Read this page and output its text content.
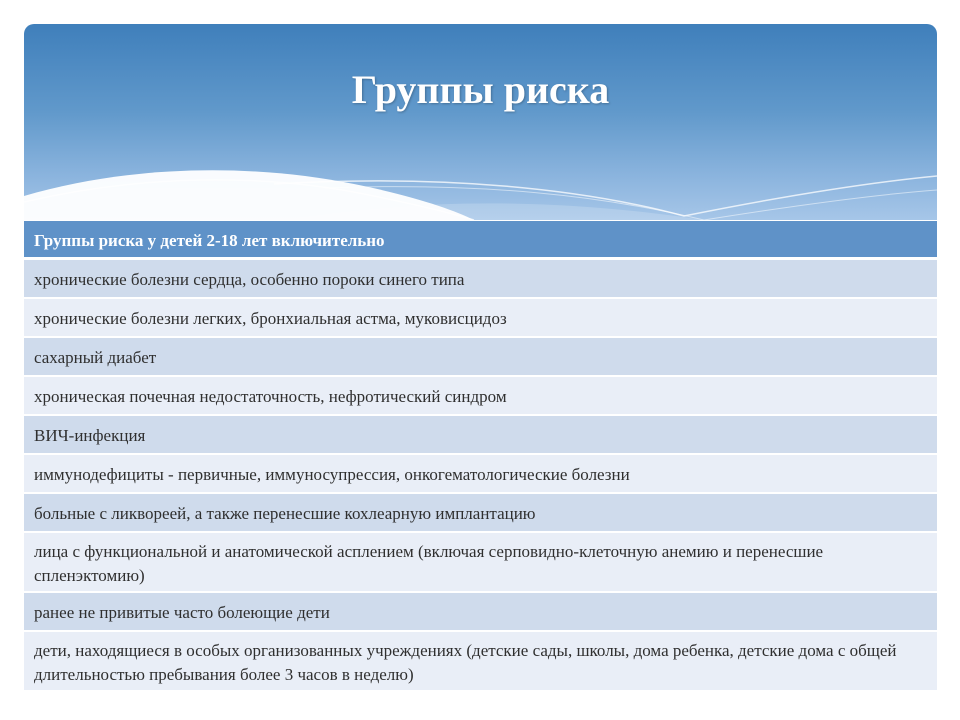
Группы риска
Группы риска у детей 2-18 лет включительно
хронические болезни сердца, особенно пороки синего типа
хронические болезни легких, бронхиальная астма, муковисцидоз
сахарный диабет
хроническая почечная недостаточность, нефротический синдром
ВИЧ-инфекция
иммунодефициты - первичные, иммуносупрессия, онкогематологические болезни
больные с ликвореей, а также перенесшие кохлеарную имплантацию
лица с функциональной и анатомической асплением (включая серповидно-клеточную анемию и перенесшие спленэктомию)
ранее не привитые часто болеющие дети
дети, находящиеся в особых организованных учреждениях (детские сады, школы, дома ребенка, детские дома с общей длительностью пребывания более 3 часов в неделю)
